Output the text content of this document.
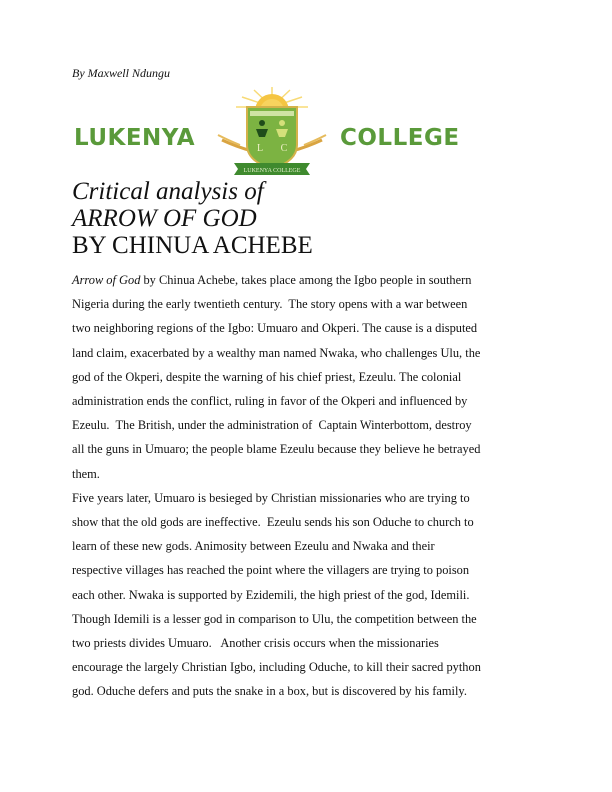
By Maxwell Ndungu
LUKENYA	L C
LUKENYA COLLEGE
COLLEGE
Critical analysis of
ARROW OF GOD
BY CHINUA ACHEBE

Arrow of God by Chinua Achebe, takes place among the Igbo people in southern
Nigeria during the early twentieth century.  The story opens with a war between
two neighboring regions of the Igbo: Umuaro and Okperi. The cause is a disputed
land claim, exacerbated by a wealthy man named Nwaka, who challenges Ulu, the
god of the Okperi, despite the warning of his chief priest, Ezeulu. The colonial
administration ends the conflict, ruling in favor of the Okperi and influenced by
Ezeulu.  The British, under the administration of  Captain Winterbottom, destroy
all the guns in Umuaro; the people blame Ezeulu because they believe he betrayed
them.

Five years later, Umuaro is besieged by Christian missionaries who are trying to
show that the old gods are ineffective.  Ezeulu sends his son Oduche to church to
learn of these new gods. Animosity between Ezeulu and Nwaka and their
respective villages has reached the point where the villagers are trying to poison
each other. Nwaka is supported by Ezidemili, the high priest of the god, Idemili.
Though Idemili is a lesser god in comparison to Ulu, the competition between the
two priests divides Umuaro.   Another crisis occurs when the missionaries
encourage the largely Christian Igbo, including Oduche, to kill their sacred python
god. Oduche defers and puts the snake in a box, but is discovered by his family.
